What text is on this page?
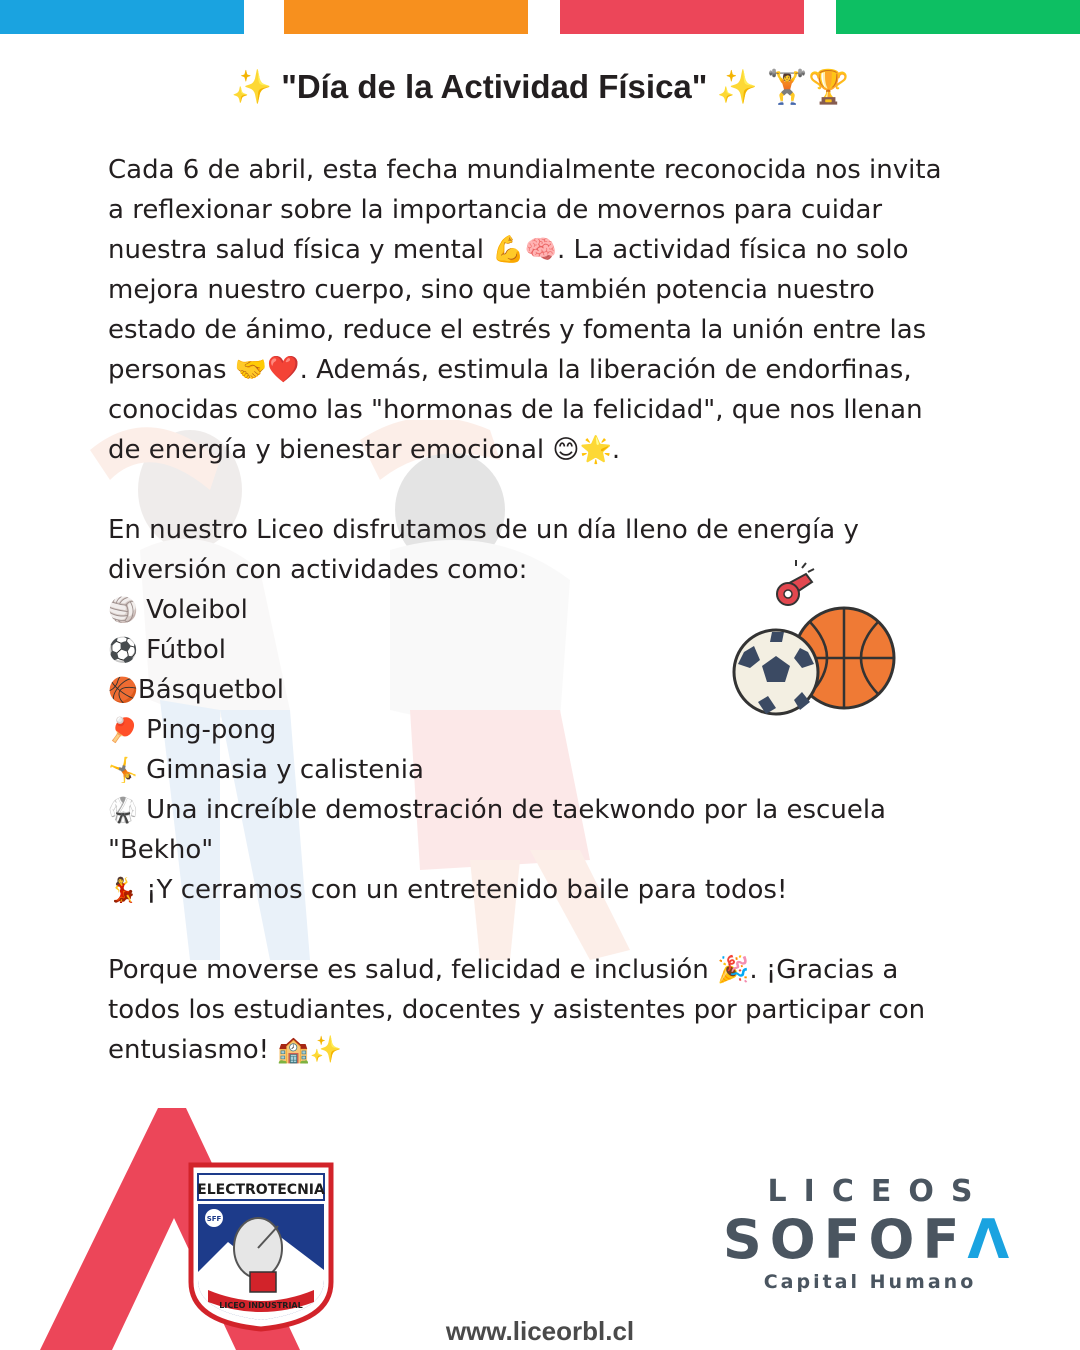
✨ "Día de la Actividad Física" ✨ 🏋🏆

Cada 6 de abril, esta fecha mundialmente reconocida nos invita

a reflexionar sobre la importancia de movernos para cuidar

nuestra salud física y mental 💪🧠. La actividad física no solo

mejora nuestro cuerpo, sino que también potencia nuestro

estado de ánimo, reduce el estrés y fomenta la unión entre las

personas 🤝❤️. Además, estimula la liberación de endorfinas,

conocidas como las "hormonas de la felicidad", que nos llenan

de energía y bienestar emocional 😊🌟.

En nuestro Liceo disfrutamos de un día lleno de energía y

diversión con actividades como:

🏐 Voleibol

⚽ Fútbol

🏀Básquetbol

🏓 Ping-pong

🤸 Gimnasia y calistenia

🥋 Una increíble demostración de taekwondo por la escuela

"Bekho"

💃 ¡Y cerramos con un entretenido baile para todos!

Porque moverse es salud, felicidad e inclusión 🎉. ¡Gracias a

todos los estudiantes, docentes y asistentes por participar con

entusiasmo! 🏫✨

ELECTROTECNIA
SFF
LICEO INDUSTRIAL
LICEOS
SOFOFΛ
Capital Humano
www.liceorbl.cl
